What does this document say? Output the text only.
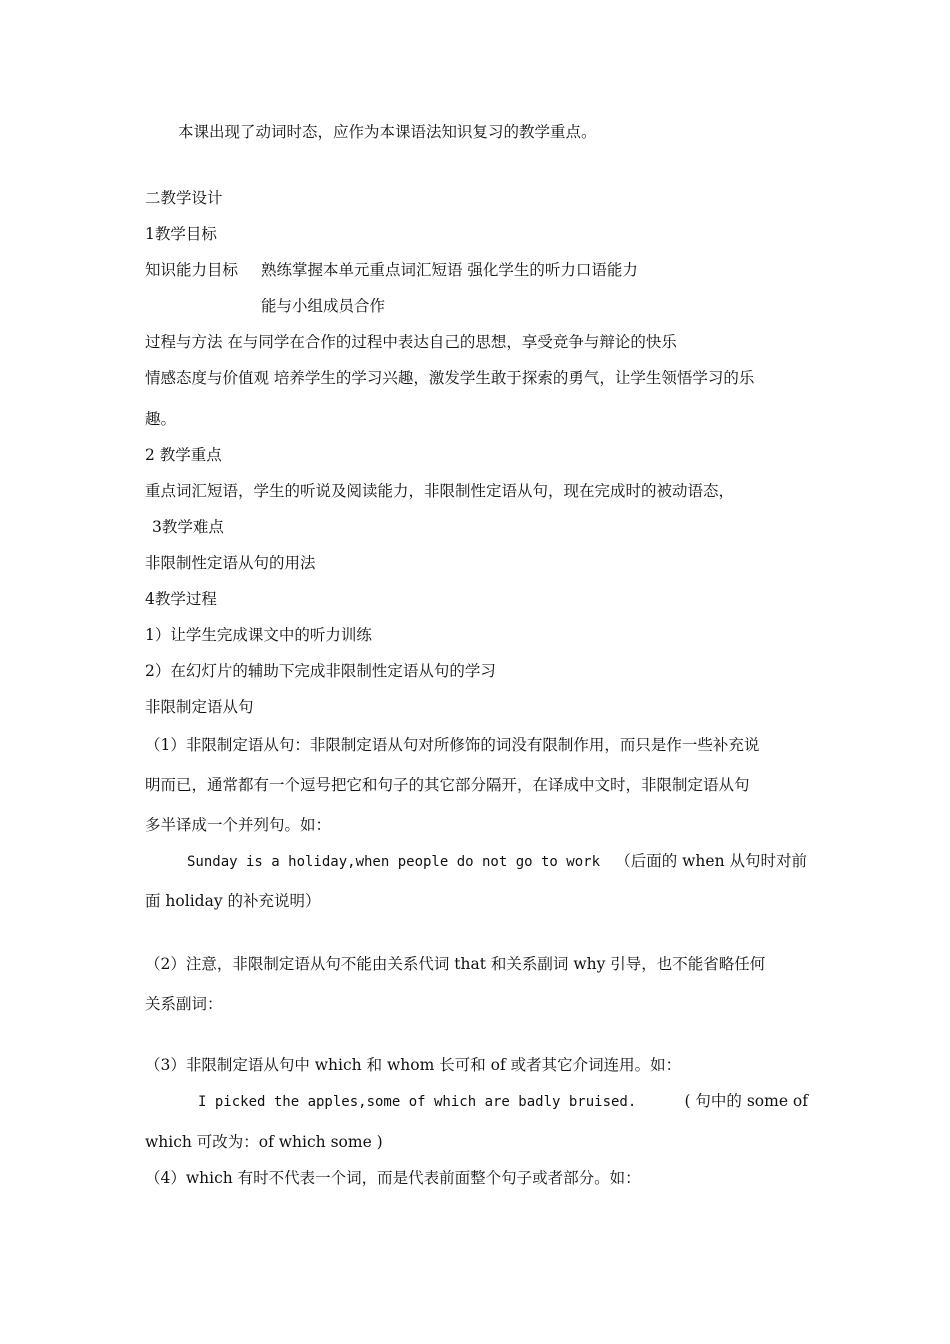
本课出现了动词时态，应作为本课语法知识复习的教学重点。
二教学设计
1教学目标
知识能力目标 熟练掌握本单元重点词汇短语 强化学生的听力口语能力
能与小组成员合作
过程与方法 在与同学在合作的过程中表达自己的思想，享受竞争与辩论的快乐
情感态度与价值观 培养学生的学习兴趣，激发学生敢于探索的勇气，让学生领悟学习的乐
趣。
2 教学重点
重点词汇短语，学生的听说及阅读能力，非限制性定语从句，现在完成时的被动语态，
3教学难点
非限制性定语从句的用法
4教学过程
1）让学生完成课文中的听力训练
2）在幻灯片的辅助下完成非限制性定语从句的学习
非限制定语从句
（1）非限制定语从句：非限制定语从句对所修饰的词没有限制作用，而只是作一些补充说
明而已，通常都有一个逗号把它和句子的其它部分隔开，在译成中文时，非限制定语从句
多半译成一个并列句。如：
Sunday is a holiday,when people do not go to work （后面的 when 从句时对前
面 holiday 的补充说明）
（2）注意，非限制定语从句不能由关系代词 that 和关系副词 why 引导，也不能省略任何
关系副词：
（3）非限制定语从句中 which 和 whom 长可和 of 或者其它介词连用。如：
I picked the apples,some of which are badly bruised.	( 句中的 some of
which 可改为：of which some )
（4）which 有时不代表一个词，而是代表前面整个句子或者部分。如：
